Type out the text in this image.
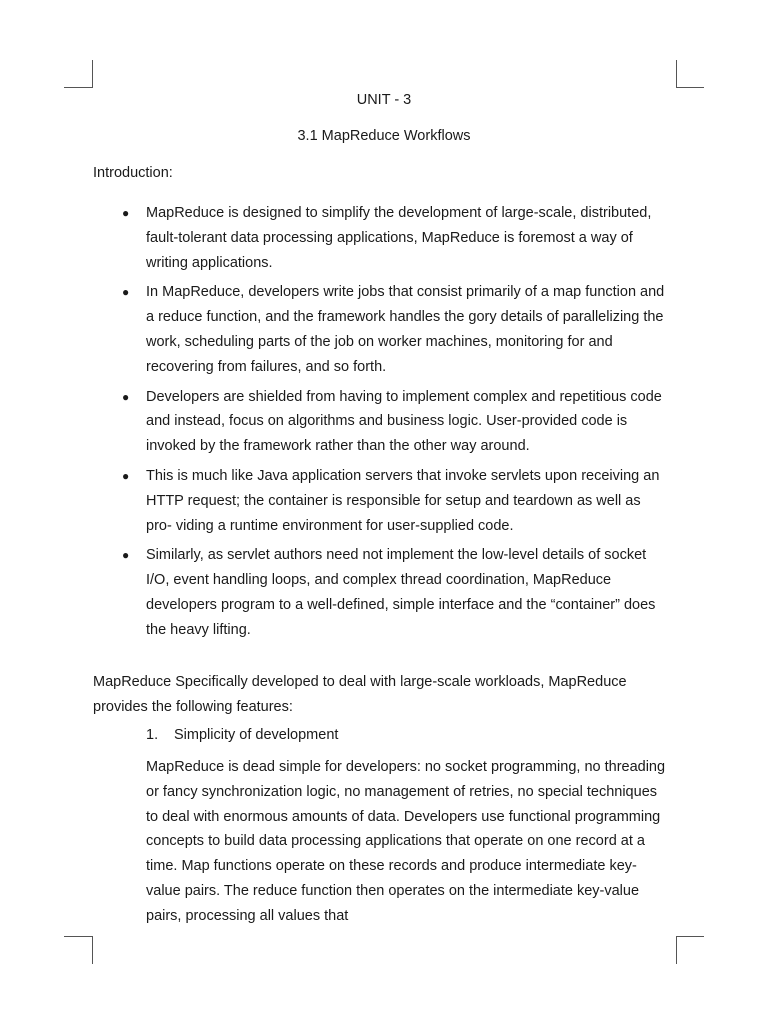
UNIT - 3
3.1 MapReduce Workflows
Introduction:
● MapReduce is designed to simplify the development of large-scale, distributed, fault-tolerant data processing applications, MapReduce is foremost a way of writing applications.
● In MapReduce, developers write jobs that consist primarily of a map function and a reduce function, and the framework handles the gory details of parallelizing the work, scheduling parts of the job on worker machines, monitoring for and recovering from failures, and so forth.
● Developers are shielded from having to implement complex and repetitious code and instead, focus on algorithms and business logic. User-provided code is invoked by the framework rather than the other way around.
● This is much like Java application servers that invoke servlets upon receiving an HTTP request; the container is responsible for setup and teardown as well as pro- viding a runtime environment for user-supplied code.
● Similarly, as servlet authors need not implement the low-level details of socket I/O, event handling loops, and complex thread coordination, MapReduce developers program to a well-defined, simple interface and the “container” does the heavy lifting.
MapReduce Specifically developed to deal with large-scale workloads, MapReduce provides the following features:
1. Simplicity of development
MapReduce is dead simple for developers: no socket programming, no threading or fancy synchronization logic, no management of retries, no special techniques to deal with enormous amounts of data. Developers use functional programming concepts to build data processing applications that operate on one record at a time. Map functions operate on these records and produce intermediate key-value pairs. The reduce function then operates on the intermediate key-value pairs, processing all values that
